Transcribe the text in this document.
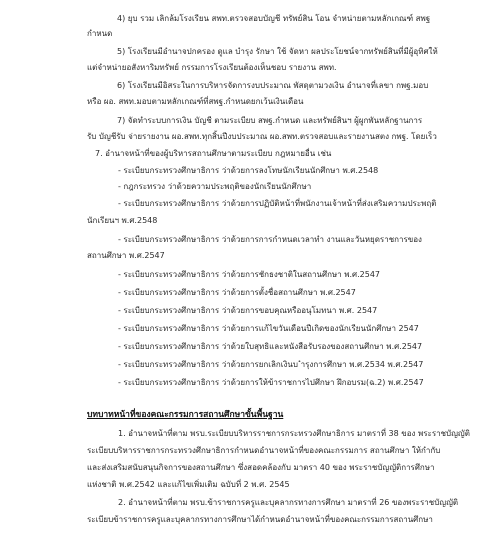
4) ยุบ รวม เลิกล้มโรงเรียน สพท.ตรวจสอบบัญชี ทรัพย์สิน โอน จำหน่ายตามหลักเกณฑ์ สพฐ
กำหนด
5) โรงเรียนมีอำนาจปกครอง ดูแล บำรุง รักษา ใช้ จัดหา ผลประโยชน์จากทรัพย์สินที่มีผู้อุทิศให้
แต่จำหน่ายอสังหาริมทรัพย์ กรรมการโรงเรียนต้องเห็นชอบ รายงาน สพท.
6) โรงเรียนมีอิสระในการบริหารจัดการงบประมาณ พัสดุตามวงเงิน อำนาจที่เลขา กพฐ.มอบ
หรือ ผอ. สพท.มอบตามหลักเกณฑ์ที่สพฐ.กำหนดยกเว้นเงินเดือน
7) จัดทำระบบการเงิน บัญชี ตามระเบียบ สพฐ.กำหนด และทรัพย์สินฯ ผู้ผูกพันหลักฐานการ
รับ บัญชีรับ จ่ายรายงาน ผอ.สพท.ทุกสิ้นปีงบประมาณ ผอ.สพท.ตรวจสอบและรายงานสตง กพฐ. โดยเร็ว
7. อำนาจหน้าที่ของผู้บริหารสถานศึกษาตามระเบียบ กฎหมายอื่น เช่น
- ระเบียบกระทรวงศึกษาธิการ ว่าด้วยการลงโทษนักเรียนนักศึกษา พ.ศ.2548
- กฎกระทรวง ว่าด้วยความประพฤติของนักเรียนนักศึกษา
- ระเบียบกระทรวงศึกษาธิการ ว่าด้วยการปฏิบัติหน้าที่พนักงานเจ้าหน้าที่ส่งเสริมความประพฤติ
นักเรียนฯ พ.ศ.2548
- ระเบียบกระทรวงศึกษาธิการ ว่าด้วยการการกำหนดเวลาทำ งานและวันหยุดราชการของ
สถานศึกษา พ.ศ.2547
- ระเบียบกระทรวงศึกษาธิการ ว่าด้วยการชักธงชาติในสถานศึกษา พ.ศ.2547
- ระเบียบกระทรวงศึกษาธิการ ว่าด้วยการตั้งชื่อสถานศึกษา พ.ศ.2547
- ระเบียบกระทรวงศึกษาธิการ ว่าด้วยการขอบคุณหรืออนุโมทนา พ.ศ. 2547
- ระเบียบกระทรวงศึกษาธิการ ว่าด้วยการแก้ไขวันเดือนปีเกิดของนักเรียนนักศึกษา 2547
- ระเบียบกระทรวงศึกษาธิการ ว่าด้วยใบสุทธิและหนังสือรับรองของสถานศึกษา พ.ศ.2547
- ระเบียบกระทรวงศึกษาธิการ ว่าด้วยการยกเลิกเงินบ ำรุงการศึกษา พ.ศ.2534 พ.ศ.2547
- ระเบียบกระทรวงศึกษาธิการ ว่าด้วยการให้ข้าราชการไปศึกษา ฝึกอบรม(ฉ.2) พ.ศ.2547
บทบาทหน้าที่ของคณะกรรมการสถานศึกษาขั้นพื้นฐาน
1. อำนาจหน้าที่ตาม พรบ.ระเบียบบริหารราชการกระทรวงศึกษาธิการ มาตราที่ 38 ของ พระราชบัญญัติ
ระเบียบบริหารราชการกระทรวงศึกษาธิการกำหนดอำนาจหน้าที่ของคณะกรรมการ สถานศึกษา ให้กำกับ
และส่งเสริมสนับสนุนกิจการของสถานศึกษา ซึ่งสอดคล้องกับ มาตรา 40 ของ พระราชบัญญัติการศึกษา
แห่งชาติ พ.ศ.2542 และแก้ไขเพิ่มเติม ฉบับที่ 2 พ.ศ. 2545
2. อำนาจหน้าที่ตาม พรบ.ข้าราชการครูและบุคลากรทางการศึกษา มาตราที่ 26 ของพระราชบัญญัติ
ระเบียบข้าราชการครูและบุคลากรทางการศึกษาได้กำหนดอำนาจหน้าที่ของคณะกรรมการสถานศึกษา
